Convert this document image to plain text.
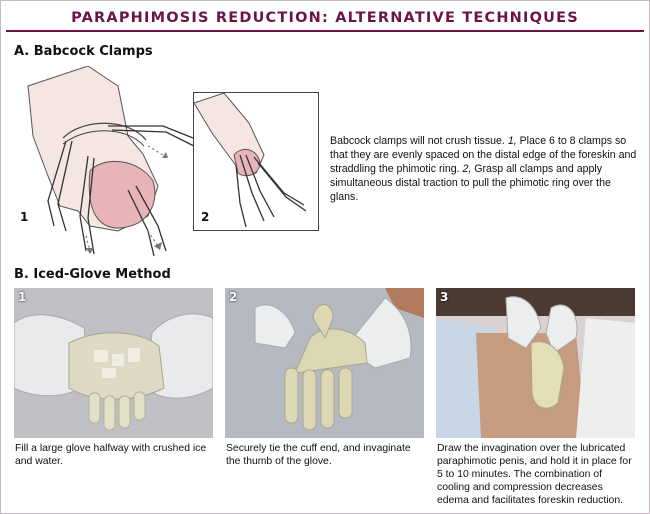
PARAPHIMOSIS REDUCTION: ALTERNATIVE TECHNIQUES
A. Babcock Clamps
1	2
Babcock clamps will not crush tissue. 1, Place 6 to 8 clamps so that they are evenly spaced on the distal edge of the foreskin and straddling the phimotic ring. 2, Grasp all clamps and apply simultaneous distal traction to pull the phimotic ring over the glans.
B. Iced-Glove Method
1	2	3
Fill a large glove halfway with crushed ice and water.
Securely tie the cuff end, and invaginate the thumb of the glove.
Draw the invagination over the lubricated paraphimotic penis, and hold it in place for 5 to 10 minutes. The combination of cooling and compression decreases edema and facilitates foreskin reduction.
